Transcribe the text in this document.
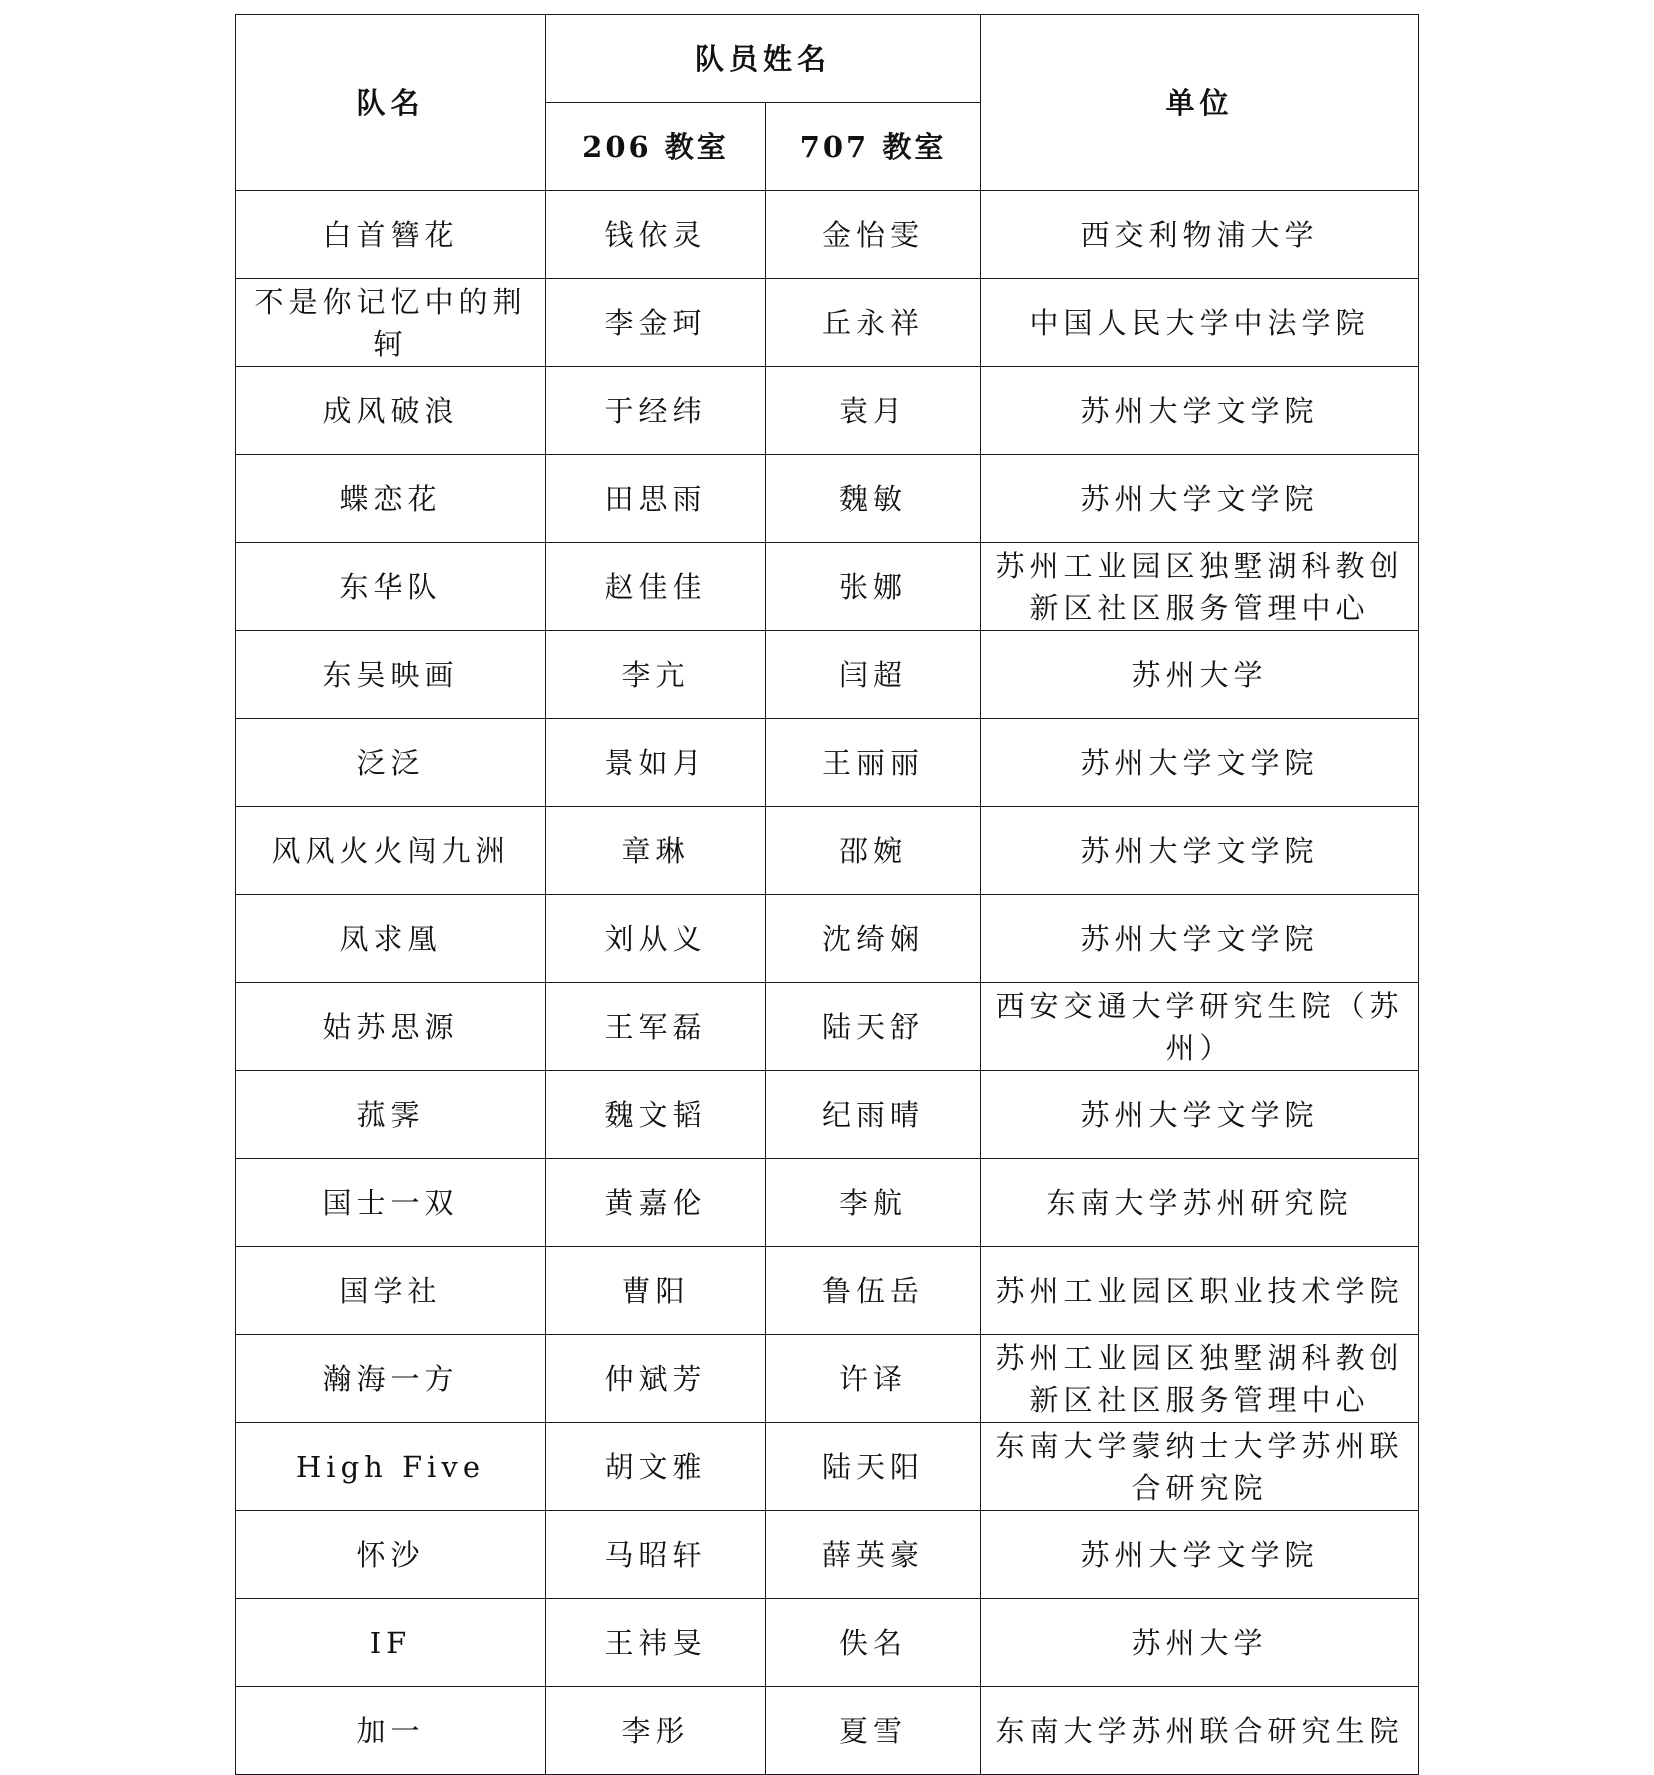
队名	队员姓名		单位
	206 教室	707 教室	
白首簪花	钱依灵	金怡雯	西交利物浦大学
不是你记忆中的荆轲	李金珂	丘永祥	中国人民大学中法学院
成风破浪	于经纬	袁月	苏州大学文学院
蝶恋花	田思雨	魏敏	苏州大学文学院
东华队	赵佳佳	张娜	苏州工业园区独墅湖科教创新区社区服务管理中心
东吴映画	李亢	闫超	苏州大学
泛泛	景如月	王丽丽	苏州大学文学院
风风火火闯九洲	章琳	邵婉	苏州大学文学院
凤求凰	刘从义	沈绮娴	苏州大学文学院
姑苏思源	王军磊	陆天舒	西安交通大学研究生院（苏州）
菰霁	魏文韬	纪雨晴	苏州大学文学院
国士一双	黄嘉伦	李航	东南大学苏州研究院
国学社	曹阳	鲁伍岳	苏州工业园区职业技术学院
瀚海一方	仲斌芳	许译	苏州工业园区独墅湖科教创新区社区服务管理中心
High Five	胡文雅	陆天阳	东南大学蒙纳士大学苏州联合研究院
怀沙	马昭轩	薛英豪	苏州大学文学院
IF	王祎旻	佚名	苏州大学
加一	李彤	夏雪	东南大学苏州联合研究生院
